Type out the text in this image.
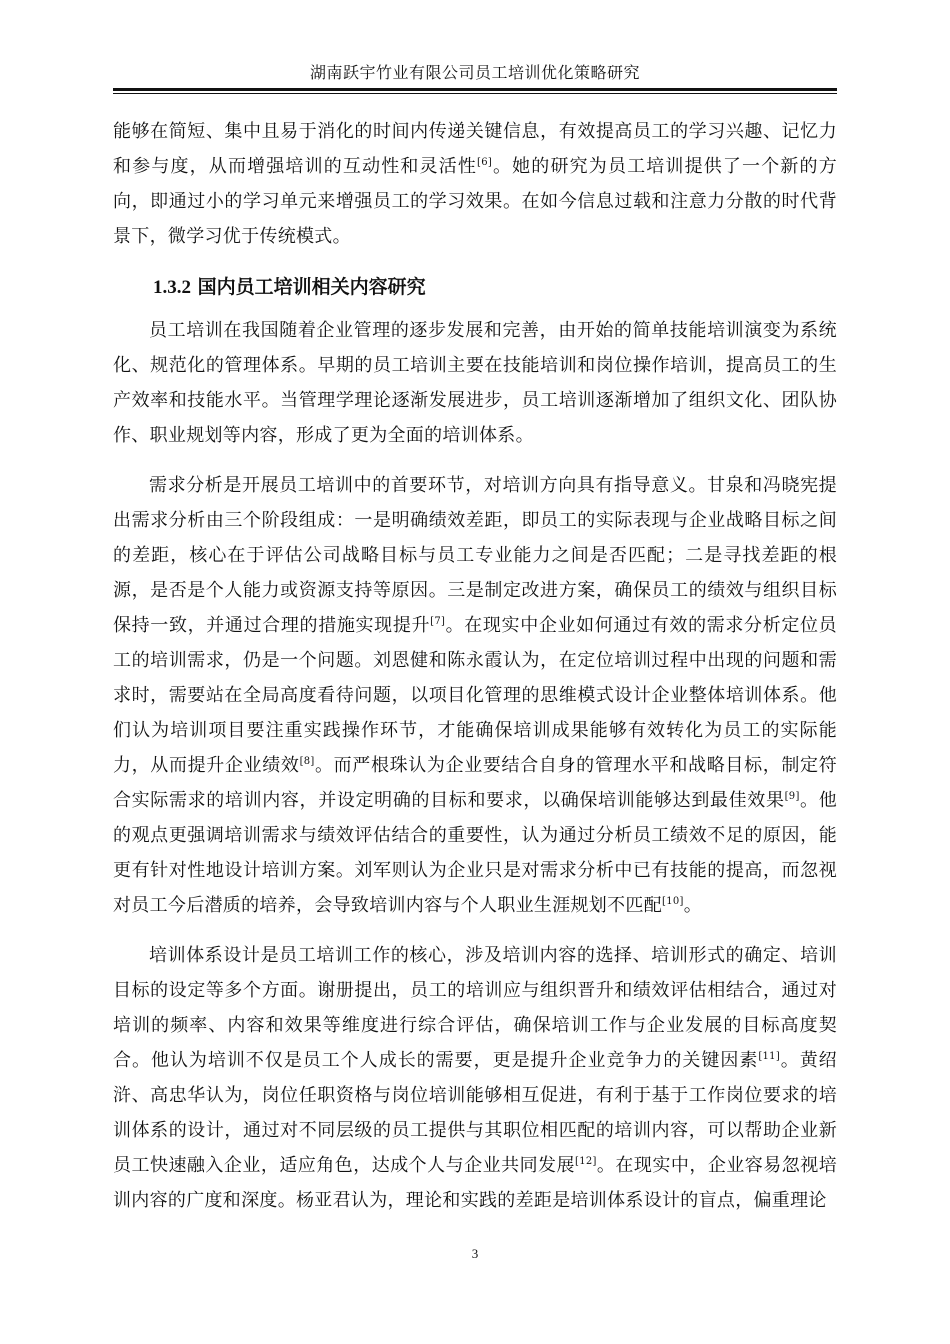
湖南跃宇竹业有限公司员工培训优化策略研究

能够在简短、集中且易于消化的时间内传递关键信息，有效提高员工的学习兴趣、记忆力和参与度，从而增强培训的互动性和灵活性[6]。她的研究为员工培训提供了一个新的方向，即通过小的学习单元来增强员工的学习效果。在如今信息过载和注意力分散的时代背景下，微学习优于传统模式。

1.3.2 国内员工培训相关内容研究

员工培训在我国随着企业管理的逐步发展和完善，由开始的简单技能培训演变为系统化、规范化的管理体系。早期的员工培训主要在技能培训和岗位操作培训，提高员工的生产效率和技能水平。当管理学理论逐渐发展进步，员工培训逐渐增加了组织文化、团队协作、职业规划等内容，形成了更为全面的培训体系。

需求分析是开展员工培训中的首要环节，对培训方向具有指导意义。甘泉和冯晓宪提出需求分析由三个阶段组成：一是明确绩效差距，即员工的实际表现与企业战略目标之间的差距，核心在于评估公司战略目标与员工专业能力之间是否匹配；二是寻找差距的根源，是否是个人能力或资源支持等原因。三是制定改进方案，确保员工的绩效与组织目标保持一致，并通过合理的措施实现提升[7]。在现实中企业如何通过有效的需求分析定位员工的培训需求，仍是一个问题。刘恩健和陈永霞认为，在定位培训过程中出现的问题和需求时，需要站在全局高度看待问题，以项目化管理的思维模式设计企业整体培训体系。他们认为培训项目要注重实践操作环节，才能确保培训成果能够有效转化为员工的实际能力，从而提升企业绩效[8]。而严根珠认为企业要结合自身的管理水平和战略目标，制定符合实际需求的培训内容，并设定明确的目标和要求，以确保培训能够达到最佳效果[9]。他的观点更强调培训需求与绩效评估结合的重要性，认为通过分析员工绩效不足的原因，能更有针对性地设计培训方案。刘军则认为企业只是对需求分析中已有技能的提高，而忽视对员工今后潜质的培养，会导致培训内容与个人职业生涯规划不匹配[10]。

培训体系设计是员工培训工作的核心，涉及培训内容的选择、培训形式的确定、培训目标的设定等多个方面。谢册提出，员工的培训应与组织晋升和绩效评估相结合，通过对培训的频率、内容和效果等维度进行综合评估，确保培训工作与企业发展的目标高度契合。他认为培训不仅是员工个人成长的需要，更是提升企业竞争力的关键因素[11]。黄绍浒、高忠华认为，岗位任职资格与岗位培训能够相互促进，有利于基于工作岗位要求的培训体系的设计，通过对不同层级的员工提供与其职位相匹配的培训内容，可以帮助企业新员工快速融入企业，适应角色，达成个人与企业共同发展[12]。在现实中，企业容易忽视培训内容的广度和深度。杨亚君认为，理论和实践的差距是培训体系设计的盲点，偏重理论

3
